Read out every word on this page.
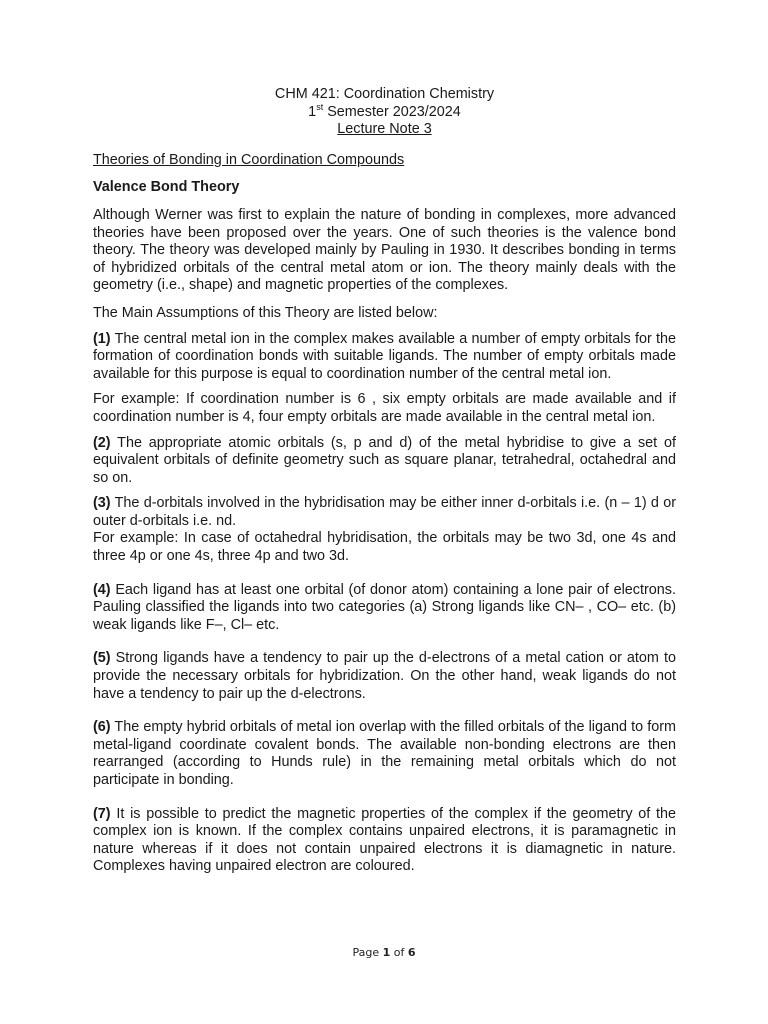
CHM 421: Coordination Chemistry
1st Semester 2023/2024
Lecture Note 3
Theories of Bonding in Coordination Compounds
Valence Bond Theory

Although Werner was first to explain the nature of bonding in complexes, more advanced theories have been proposed over the years. One of such theories is the valence bond theory. The theory was developed mainly by Pauling in 1930. It describes bonding in terms of hybridized orbitals of the central metal atom or ion. The theory mainly deals with the geometry (i.e., shape) and magnetic properties of the complexes.

The Main Assumptions of this Theory are listed below:

(1) The central metal ion in the complex makes available a number of empty orbitals for the formation of coordination bonds with suitable ligands. The number of empty orbitals made available for this purpose is equal to coordination number of the central metal ion.

For example: If coordination number is 6 , six empty orbitals are made available and if coordination number is 4, four empty orbitals are made available in the central metal ion.

(2) The appropriate atomic orbitals (s, p and d) of the metal hybridise to give a set of equivalent orbitals of definite geometry such as square planar, tetrahedral, octahedral and so on.

(3) The d-orbitals involved in the hybridisation may be either inner d-orbitals i.e. (n – 1) d or outer d-orbitals i.e. nd.
For example: In case of octahedral hybridisation, the orbitals may be two 3d, one 4s and three 4p or one 4s, three 4p and two 3d.

(4) Each ligand has at least one orbital (of donor atom) containing a lone pair of electrons. Pauling classified the ligands into two categories (a) Strong ligands like CN– , CO– etc. (b) weak ligands like F–, Cl– etc.

(5) Strong ligands have a tendency to pair up the d-electrons of a metal cation or atom to provide the necessary orbitals for hybridization. On the other hand, weak ligands do not have a tendency to pair up the d-electrons.

(6) The empty hybrid orbitals of metal ion overlap with the filled orbitals of the ligand to form metal-ligand coordinate covalent bonds. The available non-bonding electrons are then rearranged (according to Hunds rule) in the remaining metal orbitals which do not participate in bonding.

(7) It is possible to predict the magnetic properties of the complex if the geometry of the complex ion is known. If the complex contains unpaired electrons, it is paramagnetic in nature whereas if it does not contain unpaired electrons it is diamagnetic in nature. Complexes having unpaired electron are coloured.

Page 1 of 6
